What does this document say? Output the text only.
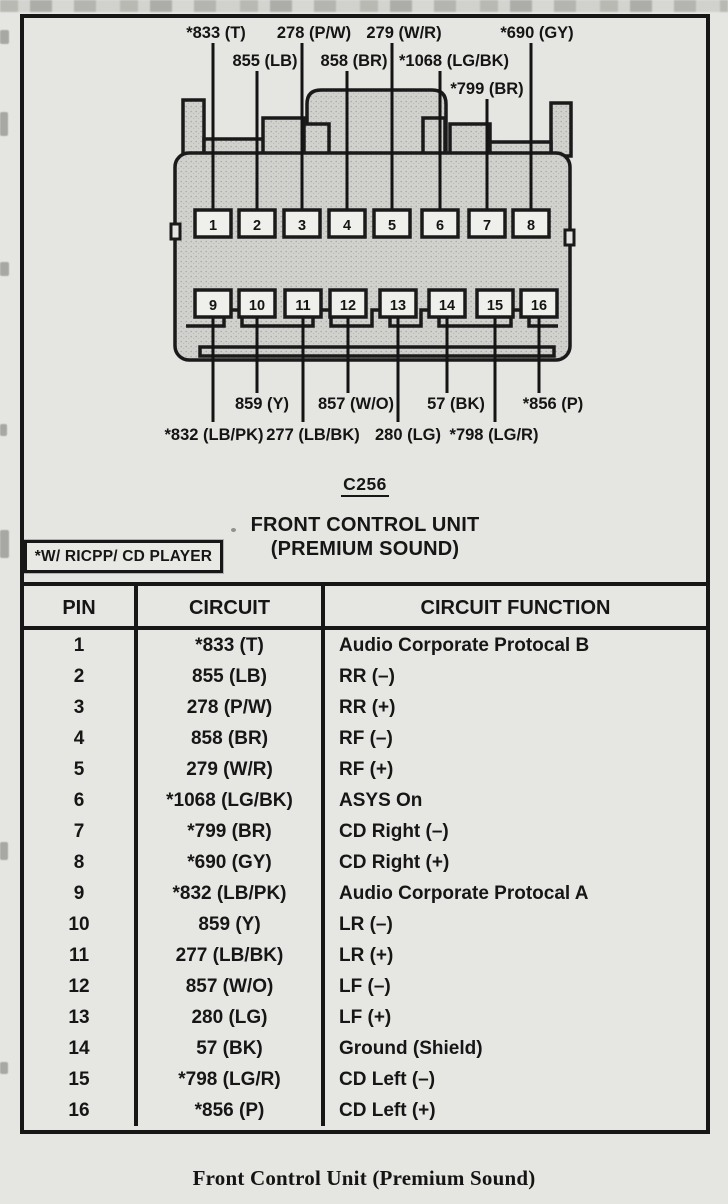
1 2	3	4	5	6	7 8
9 10 11 12 13 14 15 16
*833 (T)
855 (LB)
278 (P/W)
858 (BR)
279 (W/R)
*1068 (LG/BK)
*799 (BR)
*690 (GY)
*832 (LB/PK)
859 (Y)
277 (LB/BK)
857 (W/O)
280 (LG)
57 (BK)
*798 (LG/R)
*856 (P)
C256
FRONT CONTROL UNIT
(PREMIUM SOUND)
*W/ RICPP/ CD PLAYER
PIN	CIRCUIT	CIRCUIT FUNCTION
1	*833 (T)	Audio Corporate Protocal B
2	855 (LB)	RR (–)
3	278 (P/W)	RR (+)
4	858 (BR)	RF (–)
5	279 (W/R)	RF (+)
6	*1068 (LG/BK)	ASYS On
7	*799 (BR)	CD Right (–)
8	*690 (GY)	CD Right (+)
9	*832 (LB/PK)	Audio Corporate Protocal A
10	859 (Y)	LR (–)
11	277 (LB/BK)	LR (+)
12	857 (W/O)	LF (–)
13	280 (LG)	LF (+)
14	57 (BK)	Ground (Shield)
15	*798 (LG/R)	CD Left (–)
16	*856 (P)	CD Left (+)
Front Control Unit (Premium Sound)
